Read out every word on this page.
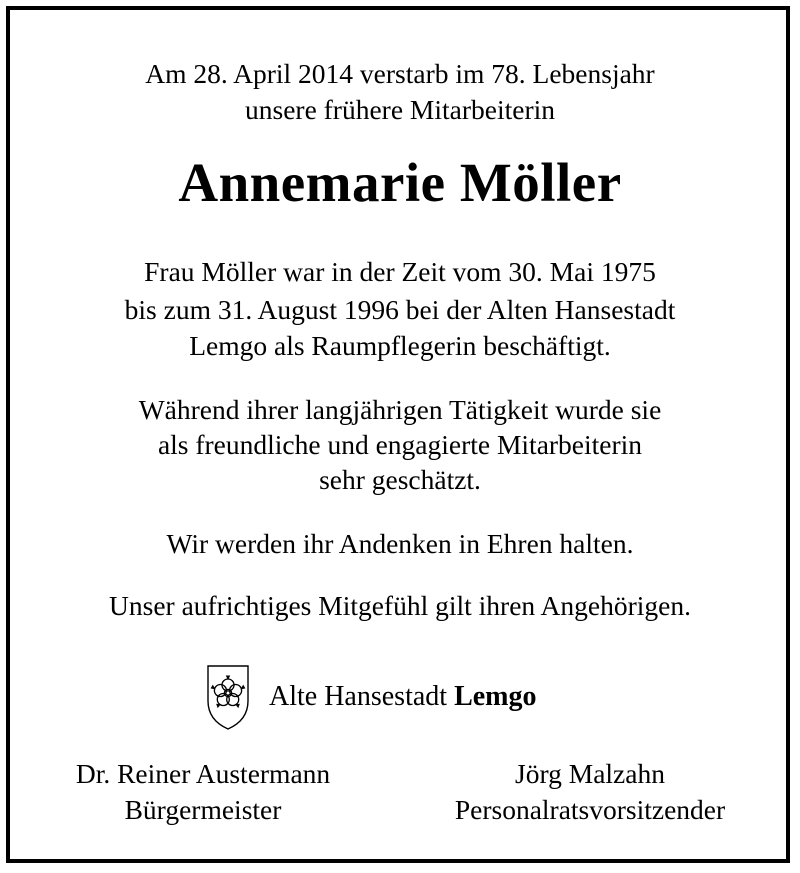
Am 28. April 2014 verstarb im 78. Lebensjahr
unsere frühere Mitarbeiterin
Annemarie Möller
Frau Möller war in der Zeit vom 30. Mai 1975
bis zum 31. August 1996 bei der Alten Hansestadt
Lemgo als Raumpflegerin beschäftigt.
Während ihrer langjährigen Tätigkeit wurde sie
als freundliche und engagierte Mitarbeiterin
sehr geschätzt.
Wir werden ihr Andenken in Ehren halten.
Unser aufrichtiges Mitgefühl gilt ihren Angehörigen.
Alte Hansestadt Lemgo
Dr. Reiner Austermann
Bürgermeister
Jörg Malzahn
Personalratsvorsitzender
